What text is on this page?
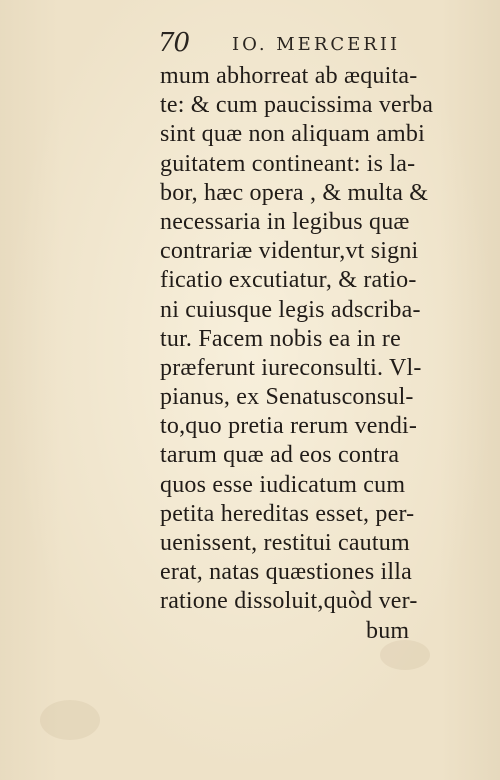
70 IO. MERCERII
mum abhorreat ab æquita-
te: & cum paucissima verba
sint quæ non aliquam ambi
guitatem contineant: is la-
bor, hæc opera , & multa &
necessaria in legibus quæ
contrariæ videntur,vt signi
ficatio excutiatur, & ratio-
ni cuiusque legis adscriba-
tur. Facem nobis ea in re
præferunt iureconsulti. Vl-
pianus, ex Senatusconsul-
to,quo pretia rerum vendi-
tarum quæ ad eos contra
quos esse iudicatum cum
petita hereditas esset, per-
uenissent, restitui cautum
erat, natas quæstiones illa
ratione dissoluit,quòd ver-
bum
